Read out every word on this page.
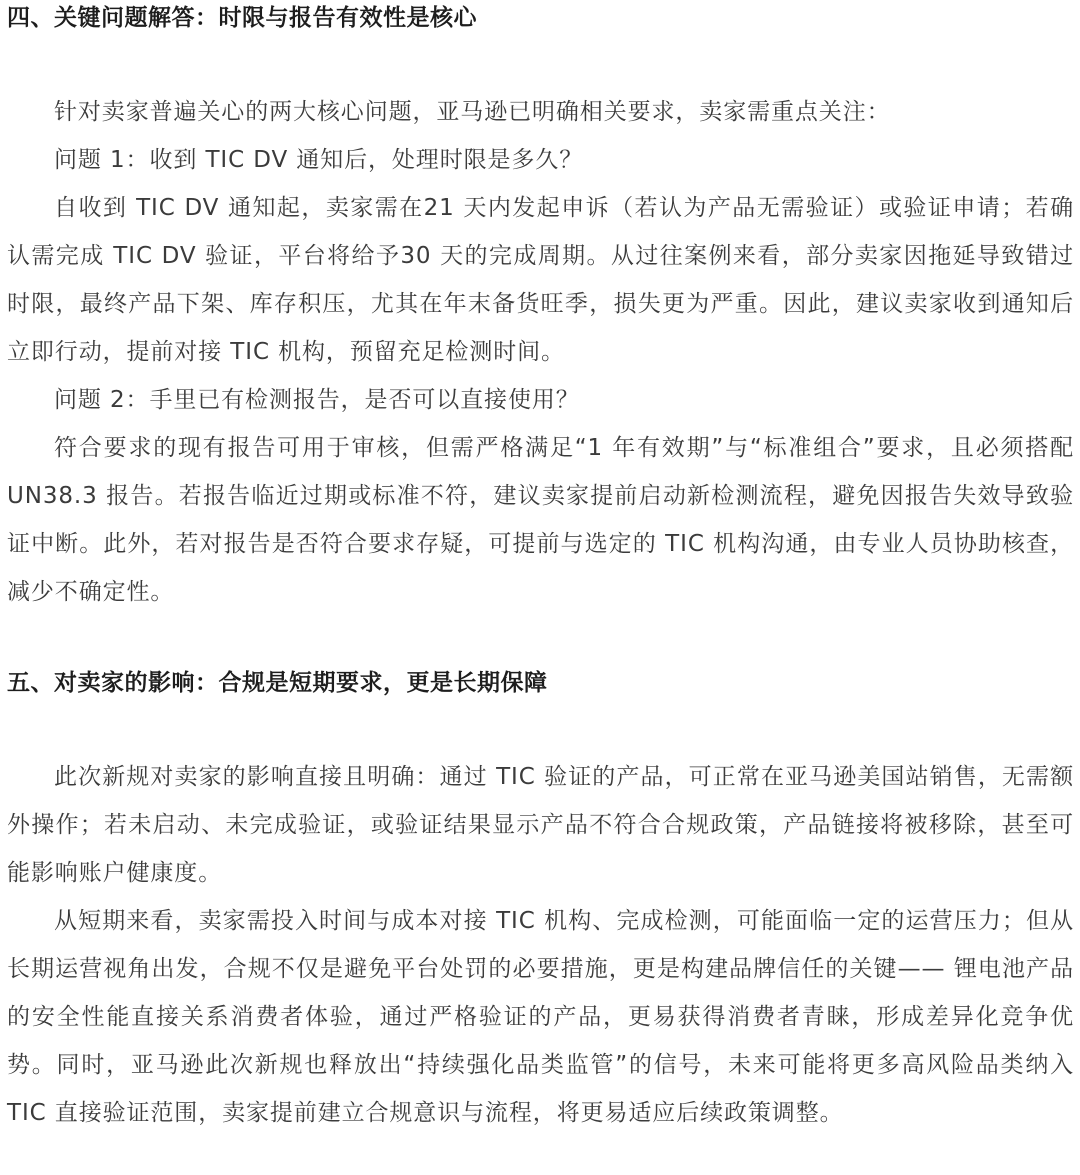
四、关键问题解答：时限与报告有效性是核心

针对卖家普遍关心的两大核心问题，亚马逊已明确相关要求，卖家需重点关注：

问题 1：收到 TIC DV 通知后，处理时限是多久？

自收到 TIC DV 通知起，卖家需在21 天内发起申诉（若认为产品无需验证）或验证申请；若确认需完成 TIC DV 验证，平台将给予30 天的完成周期。从过往案例来看，部分卖家因拖延导致错过时限，最终产品下架、库存积压，尤其在年末备货旺季，损失更为严重。因此，建议卖家收到通知后立即行动，提前对接 TIC 机构，预留充足检测时间。

问题 2：手里已有检测报告，是否可以直接使用？

符合要求的现有报告可用于审核，但需严格满足“1 年有效期”与“标准组合”要求，且必须搭配 UN38.3 报告。若报告临近过期或标准不符，建议卖家提前启动新检测流程，避免因报告失效导致验证中断。此外，若对报告是否符合要求存疑，可提前与选定的 TIC 机构沟通，由专业人员协助核查，减少不确定性。

五、对卖家的影响：合规是短期要求，更是长期保障

此次新规对卖家的影响直接且明确：通过 TIC 验证的产品，可正常在亚马逊美国站销售，无需额外操作；若未启动、未完成验证，或验证结果显示产品不符合合规政策，产品链接将被移除，甚至可能影响账户健康度。

从短期来看，卖家需投入时间与成本对接 TIC 机构、完成检测，可能面临一定的运营压力；但从长期运营视角出发，合规不仅是避免平台处罚的必要措施，更是构建品牌信任的关键—— 锂电池产品的安全性能直接关系消费者体验，通过严格验证的产品，更易获得消费者青睐，形成差异化竞争优势。同时，亚马逊此次新规也释放出“持续强化品类监管”的信号，未来可能将更多高风险品类纳入 TIC 直接验证范围，卖家提前建立合规意识与流程，将更易适应后续政策调整。
